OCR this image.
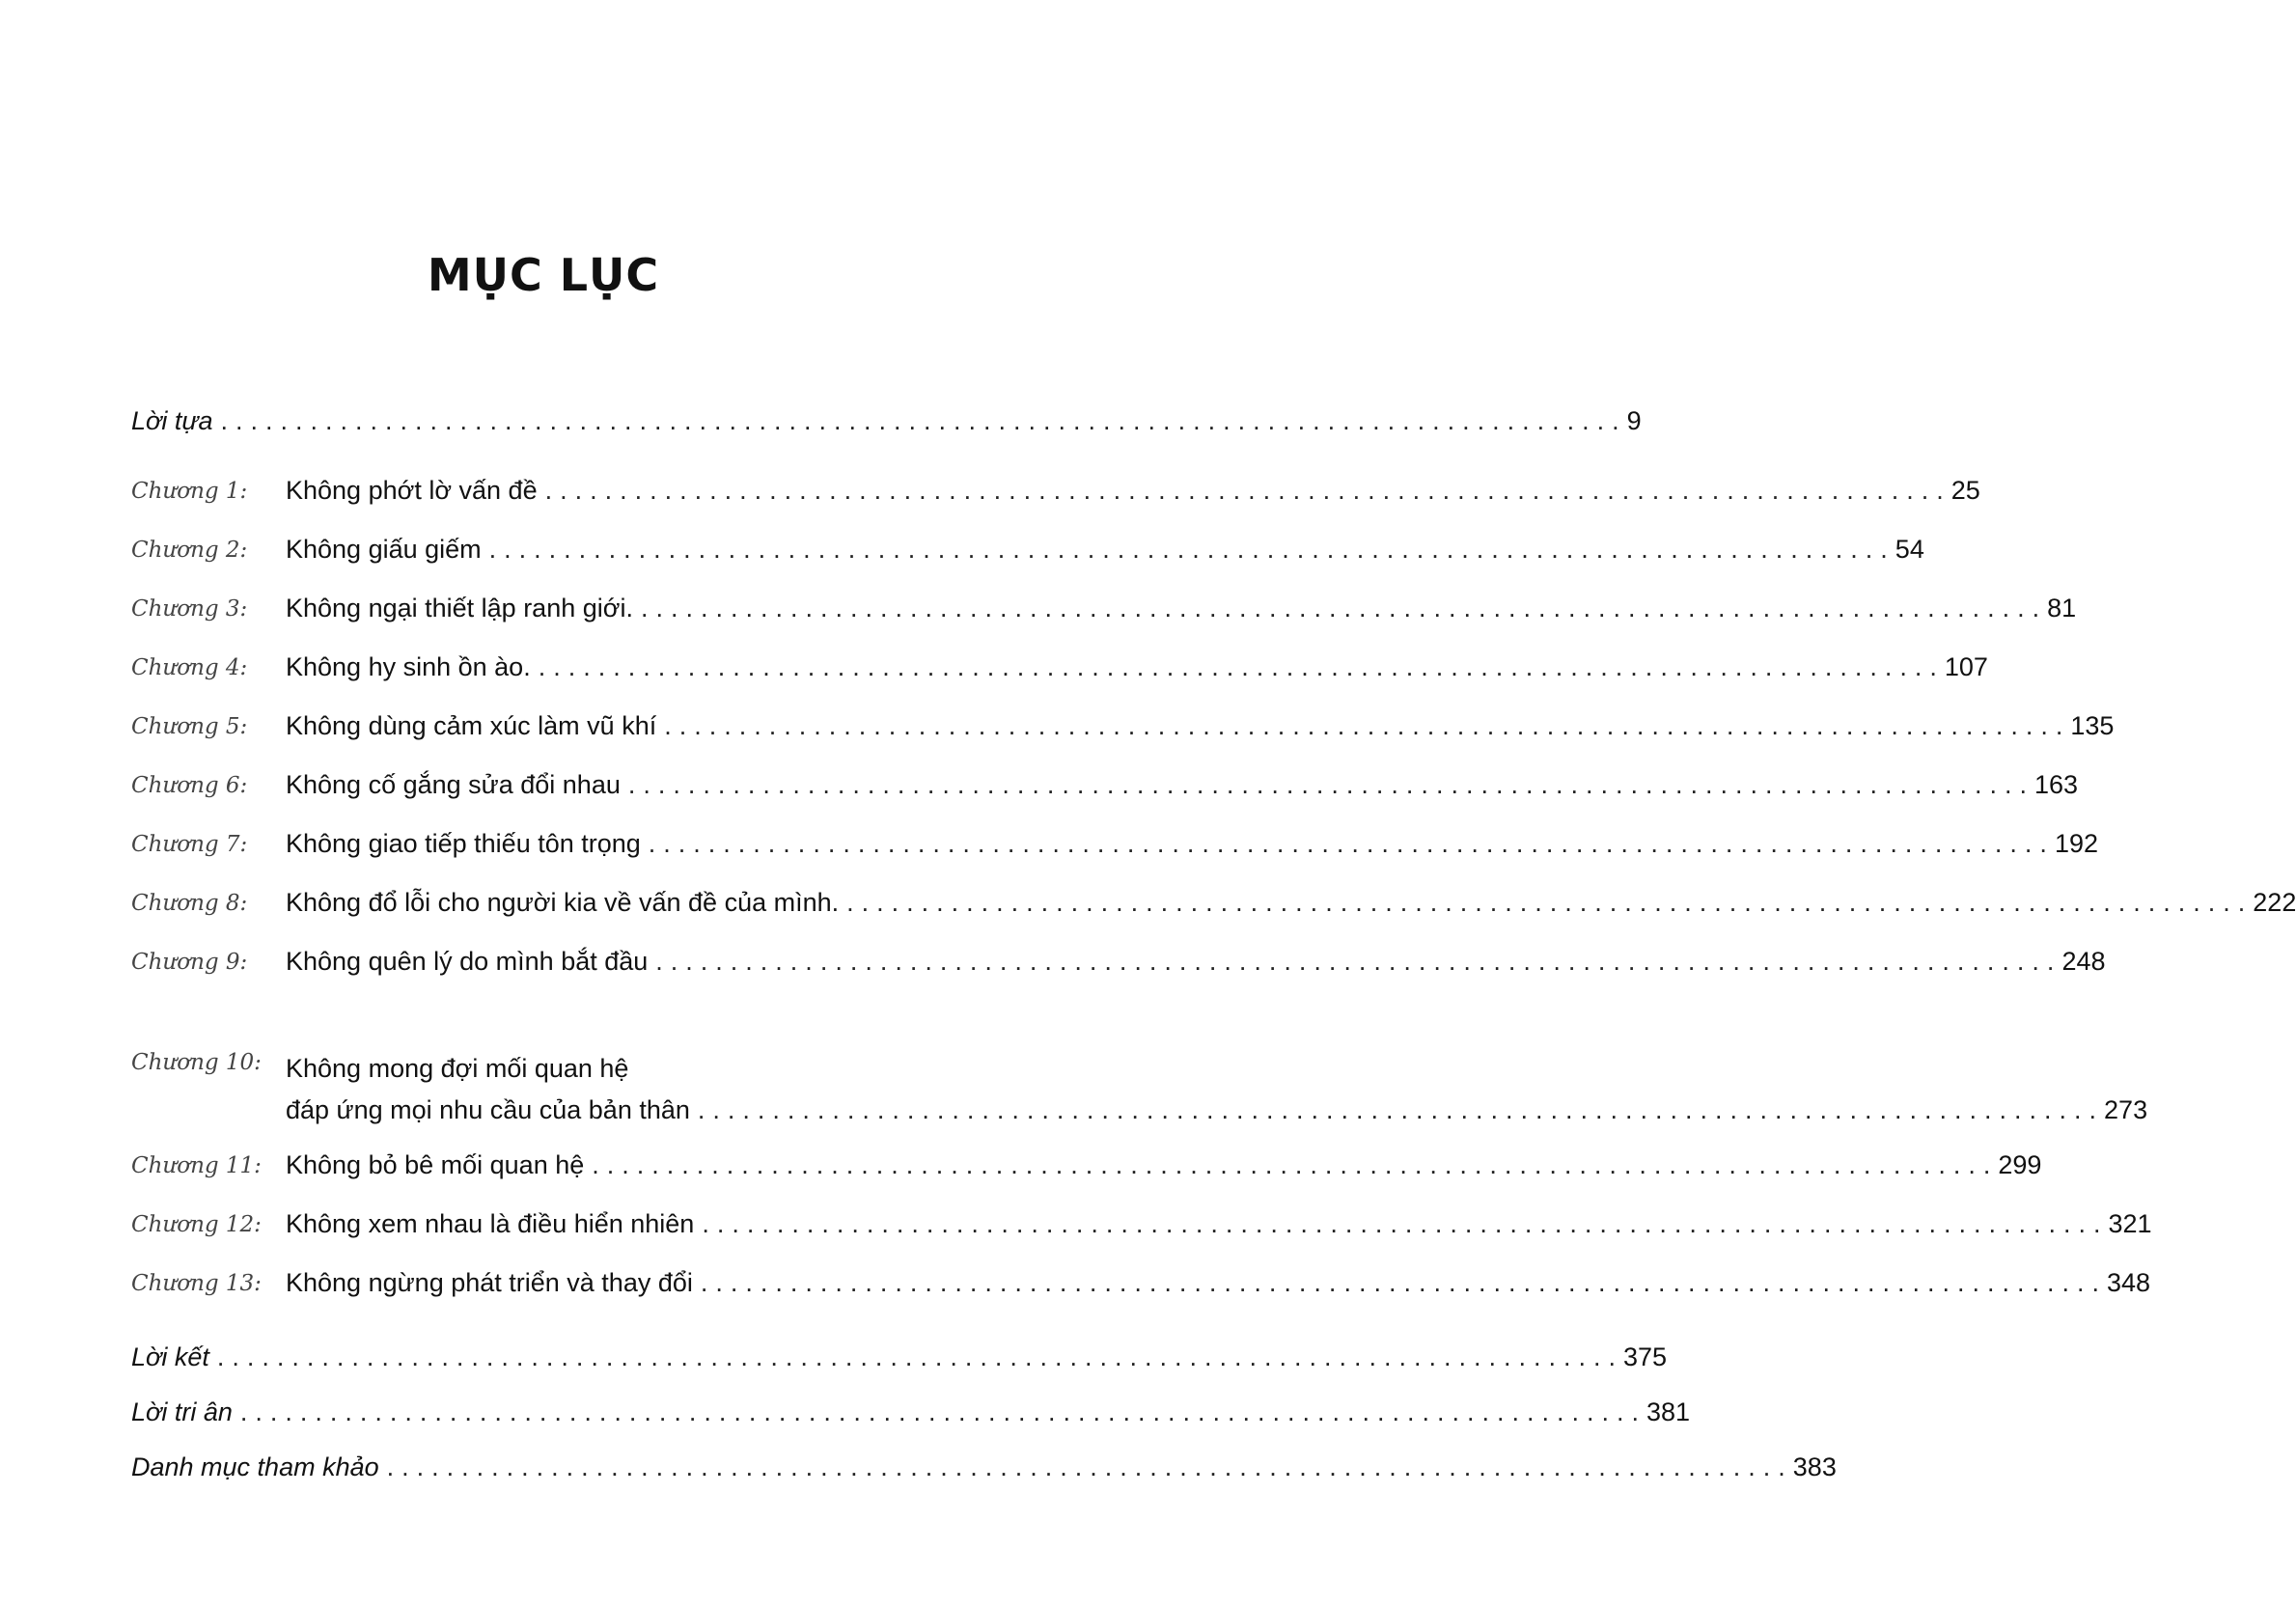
MỤC LỤC
Lời tựa .............................................................................................. 9
Chương 1:	Không phớt lờ vấn đề .............................................................................................. 25
Chương 2:	Không giấu giếm .............................................................................................. 54
Chương 3:	Không ngại thiết lập ranh giới. .............................................................................................. 81
Chương 4:	Không hy sinh ồn ào. .............................................................................................. 107
Chương 5:	Không dùng cảm xúc làm vũ khí .............................................................................................. 135
Chương 6:	Không cố gắng sửa đổi nhau .............................................................................................. 163
Chương 7:	Không giao tiếp thiếu tôn trọng .............................................................................................. 192
Chương 8:	Không đổ lỗi cho người kia về vấn đề của mình. .............................................................................................. 222
Chương 9:	Không quên lý do mình bắt đầu .............................................................................................. 248
Chương 10: Không mong đợi mối quan hệ
đáp ứng mọi nhu cầu của bản thân .............................................................................................. 273
Chương 11: Không bỏ bê mối quan hệ .............................................................................................. 299
Chương 12: Không xem nhau là điều hiển nhiên .............................................................................................. 321
Chương 13: Không ngừng phát triển và thay đổi .............................................................................................. 348
Lời kết .............................................................................................. 375
Lời tri ân .............................................................................................. 381
Danh mục tham khảo .............................................................................................. 383
